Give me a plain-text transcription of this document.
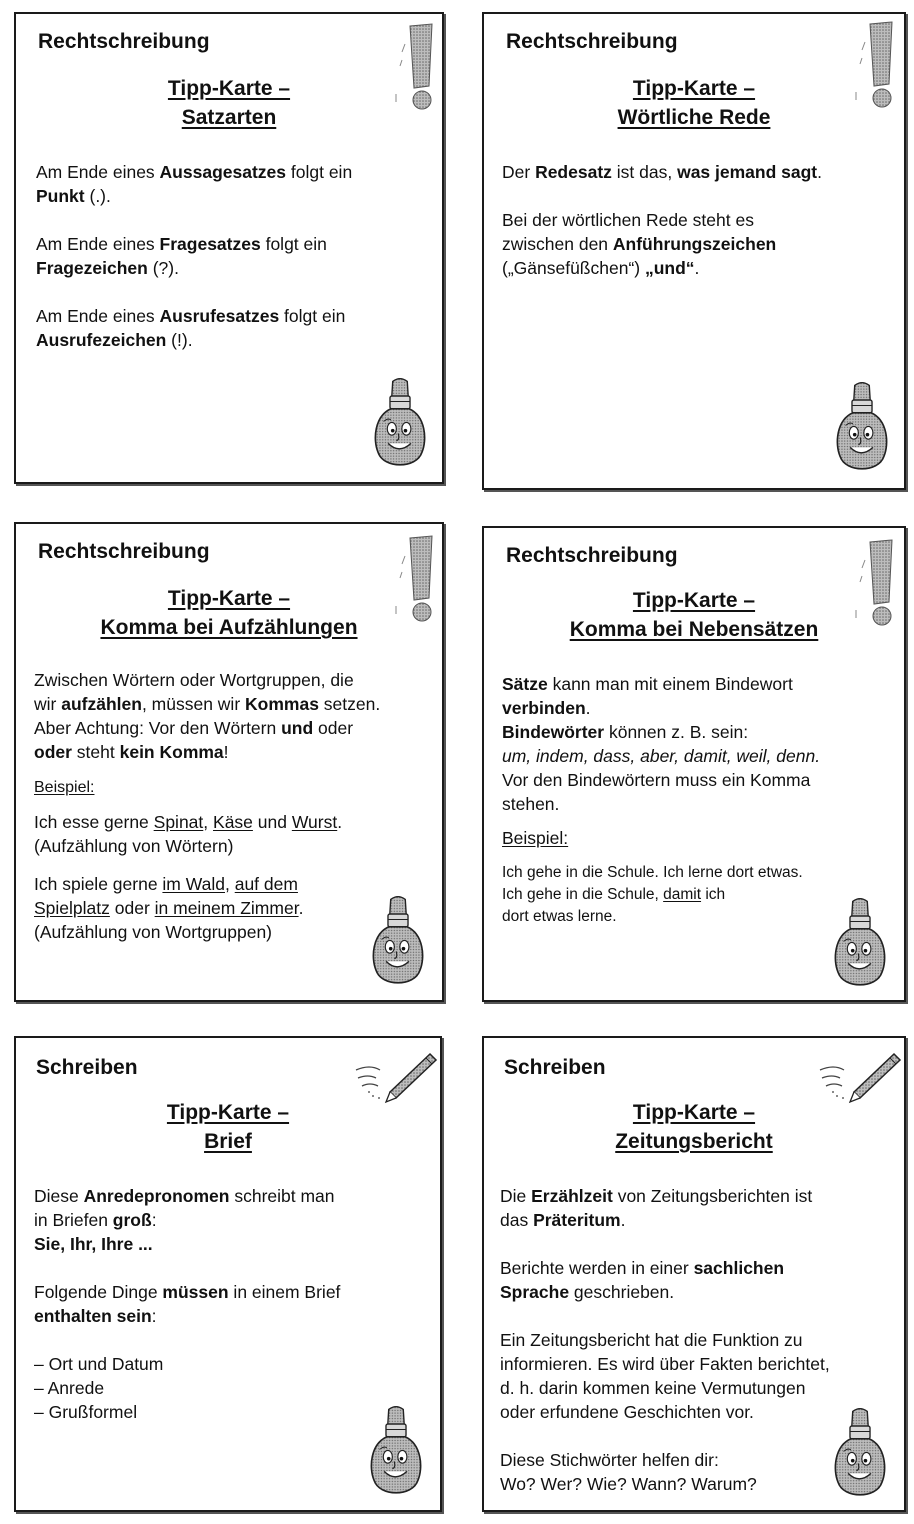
Rechtschreibung
Tipp-Karte –
Satzarten

Am Ende eines Aussagesatzes folgt ein

Punkt (.).

Am Ende eines Fragesatzes folgt ein

Fragezeichen (?).

Am Ende eines Ausrufesatzes folgt ein

Ausrufezeichen (!).

Rechtschreibung
Tipp-Karte –
Wörtliche Rede

Der Redesatz ist das, was jemand sagt.

Bei der wörtlichen Rede steht es

zwischen den Anführungszeichen

(„Gänsefüßchen“) „und“.

Rechtschreibung
Tipp-Karte –
Komma bei Aufzählungen

Zwischen Wörtern oder Wortgruppen, die

wir aufzählen, müssen wir Kommas setzen.

Aber Achtung: Vor den Wörtern und oder

oder steht kein Komma!

Beispiel:

Ich esse gerne Spinat, Käse und Wurst.

(Aufzählung von Wörtern)

Ich spiele gerne im Wald, auf dem

Spielplatz oder in meinem Zimmer.

(Aufzählung von Wortgruppen)

Rechtschreibung
Tipp-Karte –
Komma bei Nebensätzen

Sätze kann man mit einem Bindewort

verbinden.

Bindewörter können z. B. sein:

um, indem, dass, aber, damit, weil, denn.

Vor den Bindewörtern muss ein Komma

stehen.

Beispiel:

Ich gehe in die Schule. Ich lerne dort etwas.

Ich gehe in die Schule, damit ich

dort etwas lerne.

Schreiben
Tipp-Karte –
Brief

Diese Anredepronomen schreibt man

in Briefen groß:

Sie, Ihr, Ihre ...

Folgende Dinge müssen in einem Brief

enthalten sein:

– Ort und Datum

– Anrede

– Grußformel

Schreiben
Tipp-Karte –
Zeitungsbericht

Die Erzählzeit von Zeitungsberichten ist

das Präteritum.

Berichte werden in einer sachlichen

Sprache geschrieben.

Ein Zeitungsbericht hat die Funktion zu

informieren. Es wird über Fakten berichtet,

d. h. darin kommen keine Vermutungen

oder erfundene Geschichten vor.

Diese Stichwörter helfen dir:

Wo? Wer? Wie? Wann? Warum?
